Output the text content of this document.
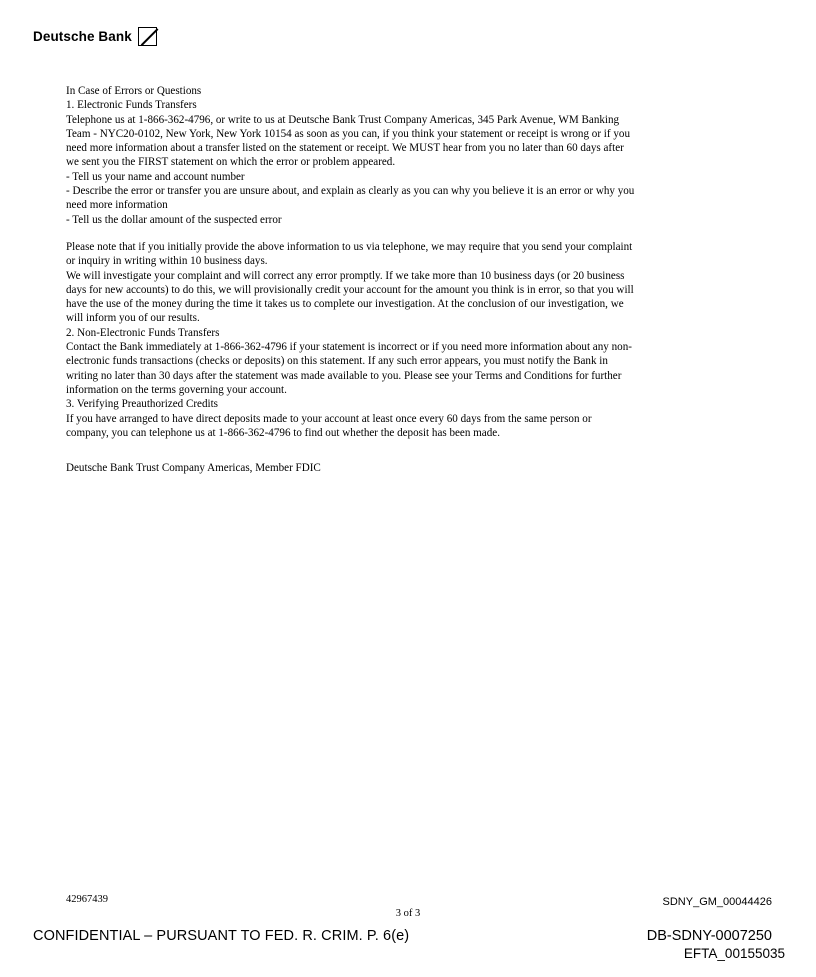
Deutsche Bank

In Case of Errors or Questions

1. Electronic Funds Transfers

Telephone us at 1-866-362-4796, or write to us at Deutsche Bank Trust Company Americas, 345 Park Avenue, WM Banking Team - NYC20-0102, New York, New York 10154 as soon as you can, if you think your statement or receipt is wrong or if you need more information about a transfer listed on the statement or receipt. We MUST hear from you no later than 60 days after we sent you the FIRST statement on which the error or problem appeared.

- Tell us your name and account number

- Describe the error or transfer you are unsure about, and explain as clearly as you can why you believe it is an error or why you need more information

- Tell us the dollar amount of the suspected error

Please note that if you initially provide the above information to us via telephone, we may require that you send your complaint or inquiry in writing within 10 business days.

We will investigate your complaint and will correct any error promptly. If we take more than 10 business days (or 20 business days for new accounts) to do this, we will provisionally credit your account for the amount you think is in error, so that you will have the use of the money during the time it takes us to complete our investigation. At the conclusion of our investigation, we will inform you of our results.

2. Non-Electronic Funds Transfers

Contact the Bank immediately at 1-866-362-4796 if your statement is incorrect or if you need more information about any non-electronic funds transactions (checks or deposits) on this statement. If any such error appears, you must notify the Bank in writing no later than 30 days after the statement was made available to you. Please see your Terms and Conditions for further information on the terms governing your account.

3. Verifying Preauthorized Credits

If you have arranged to have direct deposits made to your account at least once every 60 days from the same person or company, you can telephone us at 1-866-362-4796 to find out whether the deposit has been made.

Deutsche Bank Trust Company Americas, Member FDIC

42967439
3 of 3
SDNY_GM_00044426
CONFIDENTIAL – PURSUANT TO FED. R. CRIM. P. 6(e)	DB-SDNY-0007250
EFTA_00155035
